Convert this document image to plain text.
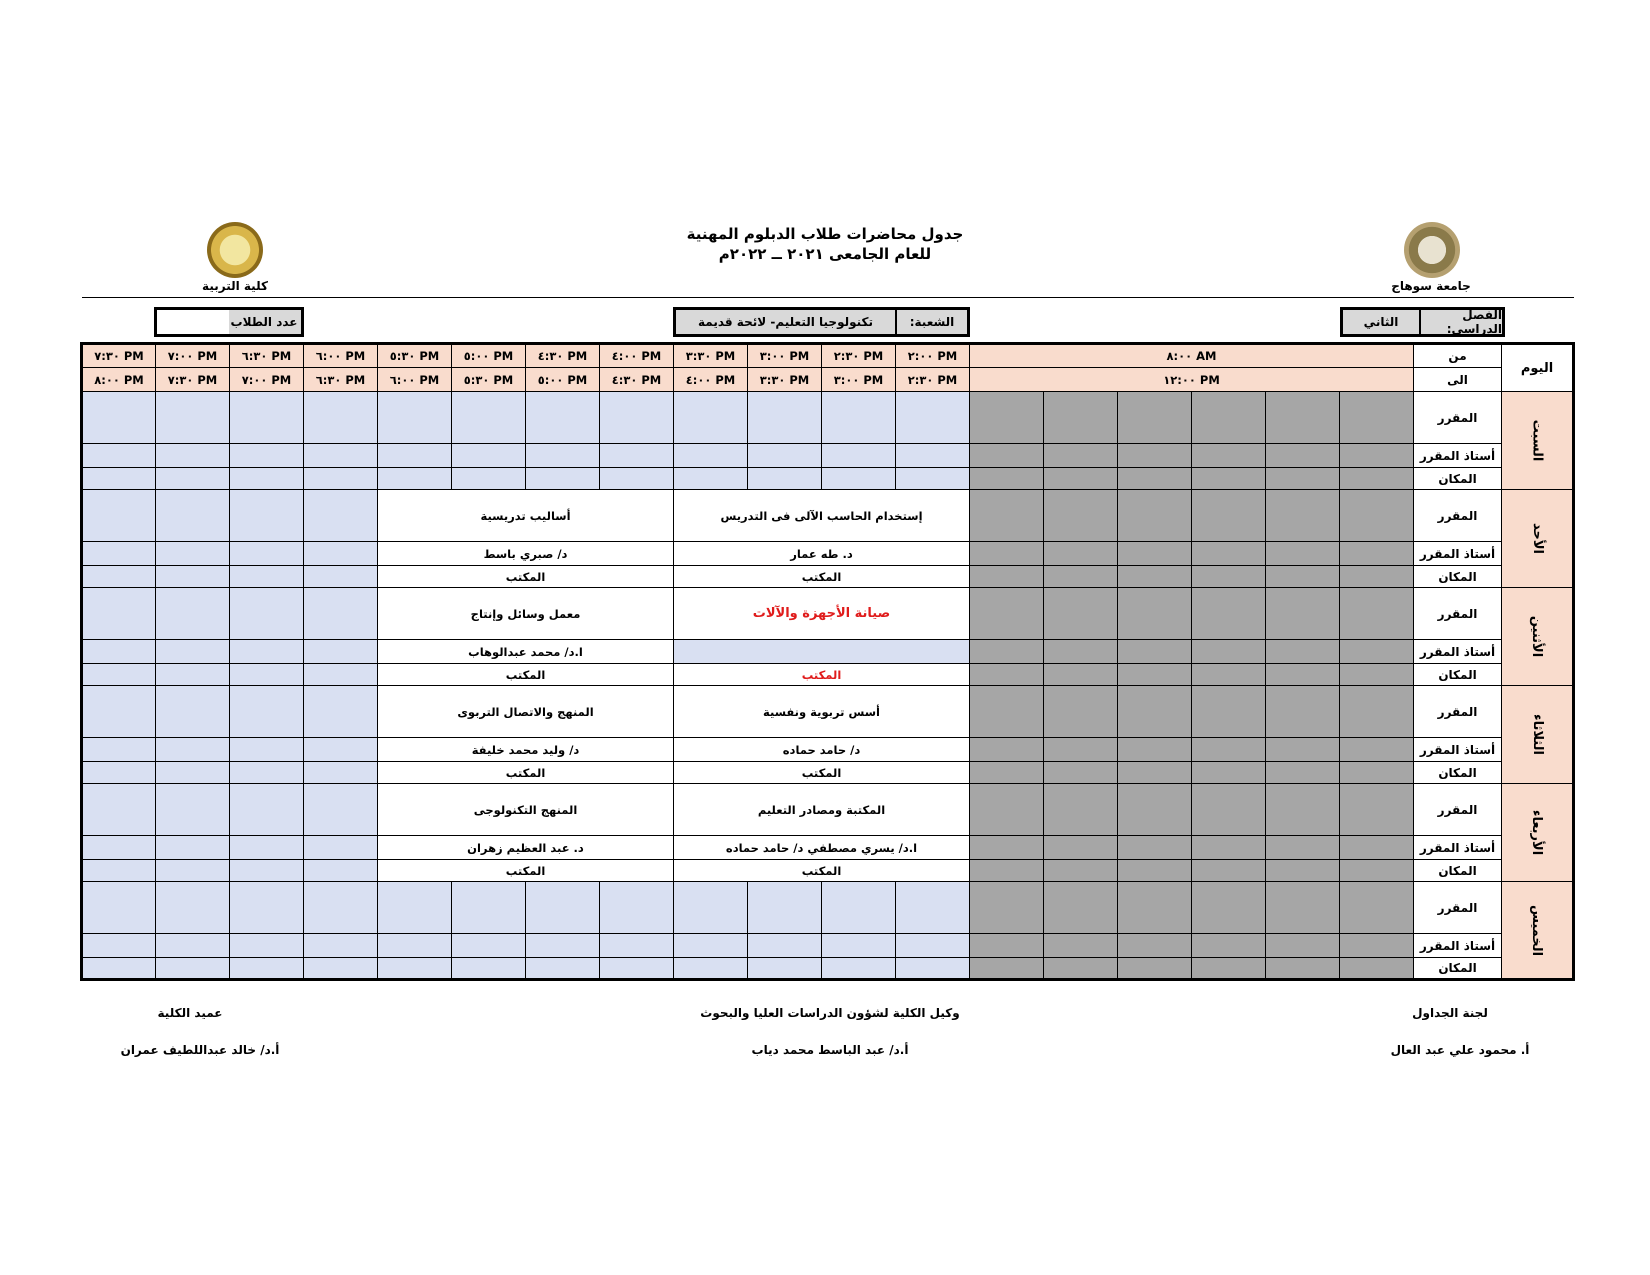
جدول محاضرات طلاب الدبلوم المهنية
للعام الجامعى ٢٠٢١ ــ ٢٠٢٢م
كلية التربية	جامعة سوهاج
عدد الطلاب	الشعبة:
تكنولوجيا التعليم- لائحة قديمة	الفصل الدراسي:
الثاني
٧:٣٠ PM	٧:٠٠ PM	٦:٣٠ PM	٦:٠٠ PM	٥:٣٠ PM	٥:٠٠ PM	٤:٣٠ PM	٤:٠٠ PM	٣:٣٠ PM	٣:٠٠ PM	٢:٣٠ PM	٢:٠٠ PM	٨:٠٠ AM						من	اليوم
٨:٠٠ PM	٧:٣٠ PM	٧:٠٠ PM	٦:٣٠ PM	٦:٠٠ PM	٥:٣٠ PM	٥:٠٠ PM	٤:٣٠ PM	٤:٠٠ PM	٣:٣٠ PM	٣:٠٠ PM	٢:٣٠ PM	١٢:٠٠ PM						الى	
																		المقرر	السبت
																		أستاذ المقرر	
																		المكان	
				أساليب تدريسية				إستخدام الحاسب الآلى فى التدريس										المقرر	الأحد
				د/ صبري باسط				د. طه عمار										أستاذ المقرر	
				المكتب				المكتب										المكان	
				معمل وسائل وإنتاج				صيانة الأجهزة والآلات										المقرر	الأثنين
				ا.د/ محمد عبدالوهاب														أستاذ المقرر	
				المكتب				المكتب										المكان	
				المنهج والاتصال التربوى				أسس تربوية ونفسية										المقرر	الثلاثاء
				د/ وليد محمد خليفة				د/ حامد حماده										أستاذ المقرر	
				المكتب				المكتب										المكان	
				المنهج التكنولوجى				المكتبة ومصادر التعليم										المقرر	الأربعاء
				د. عبد العظيم زهران				ا.د/ يسري مصطفي د/ حامد حماده										أستاذ المقرر	
				المكتب				المكتب										المكان	
																		المقرر	الخميس
																		أستاذ المقرر	
																		المكان	
لجنة الجداول
أ. محمود علي عبد العال
وكيل الكلية لشؤون الدراسات العليا والبحوث
أ.د/ عبد الباسط محمد دياب
عميد الكلية
أ.د/ خالد عبداللطيف عمران
